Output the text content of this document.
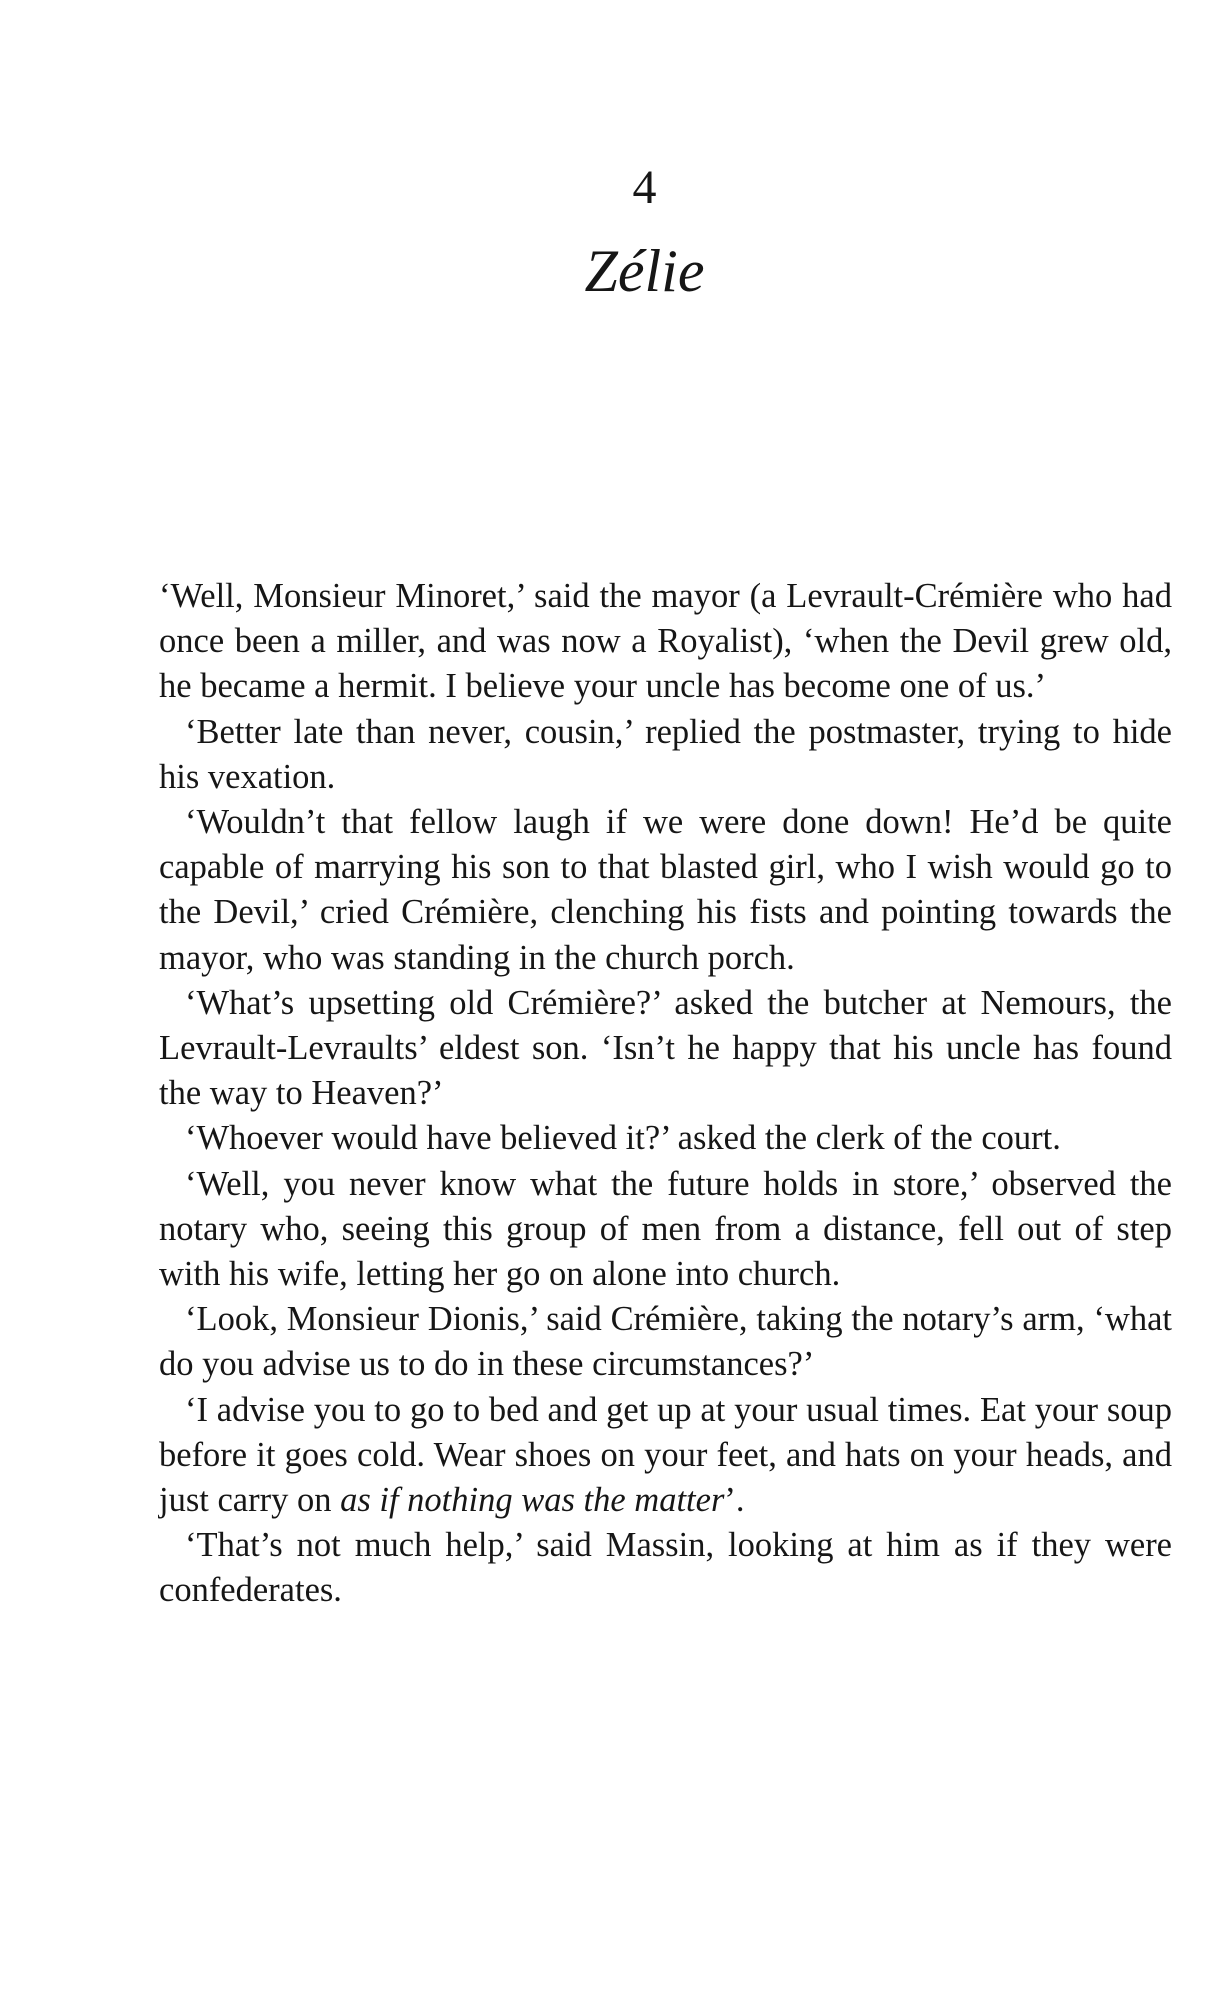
4
Zélie

‘Well, Monsieur Minoret,’ said the mayor (a Levrault-Crémière who had once been a miller, and was now a Royalist), ‘when the Devil grew old, he became a hermit. I believe your uncle has become one of us.’

‘Better late than never, cousin,’ replied the postmaster, trying to hide his vexation.

‘Wouldn’t that fellow laugh if we were done down! He’d be quite capable of marrying his son to that blasted girl, who I wish would go to the Devil,’ cried Crémière, clenching his fists and pointing towards the mayor, who was standing in the church porch.

‘What’s upsetting old Crémière?’ asked the butcher at Nemours, the Levrault-Levraults’ eldest son. ‘Isn’t he happy that his uncle has found the way to Heaven?’

‘Whoever would have believed it?’ asked the clerk of the court.

‘Well, you never know what the future holds in store,’ observed the notary who, seeing this group of men from a distance, fell out of step with his wife, letting her go on alone into church.

‘Look, Monsieur Dionis,’ said Crémière, taking the notary’s arm, ‘what do you advise us to do in these circumstances?’

‘I advise you to go to bed and get up at your usual times. Eat your soup before it goes cold. Wear shoes on your feet, and hats on your heads, and just carry on as if nothing was the matter’.

‘That’s not much help,’ said Massin, looking at him as if they were confederates.
